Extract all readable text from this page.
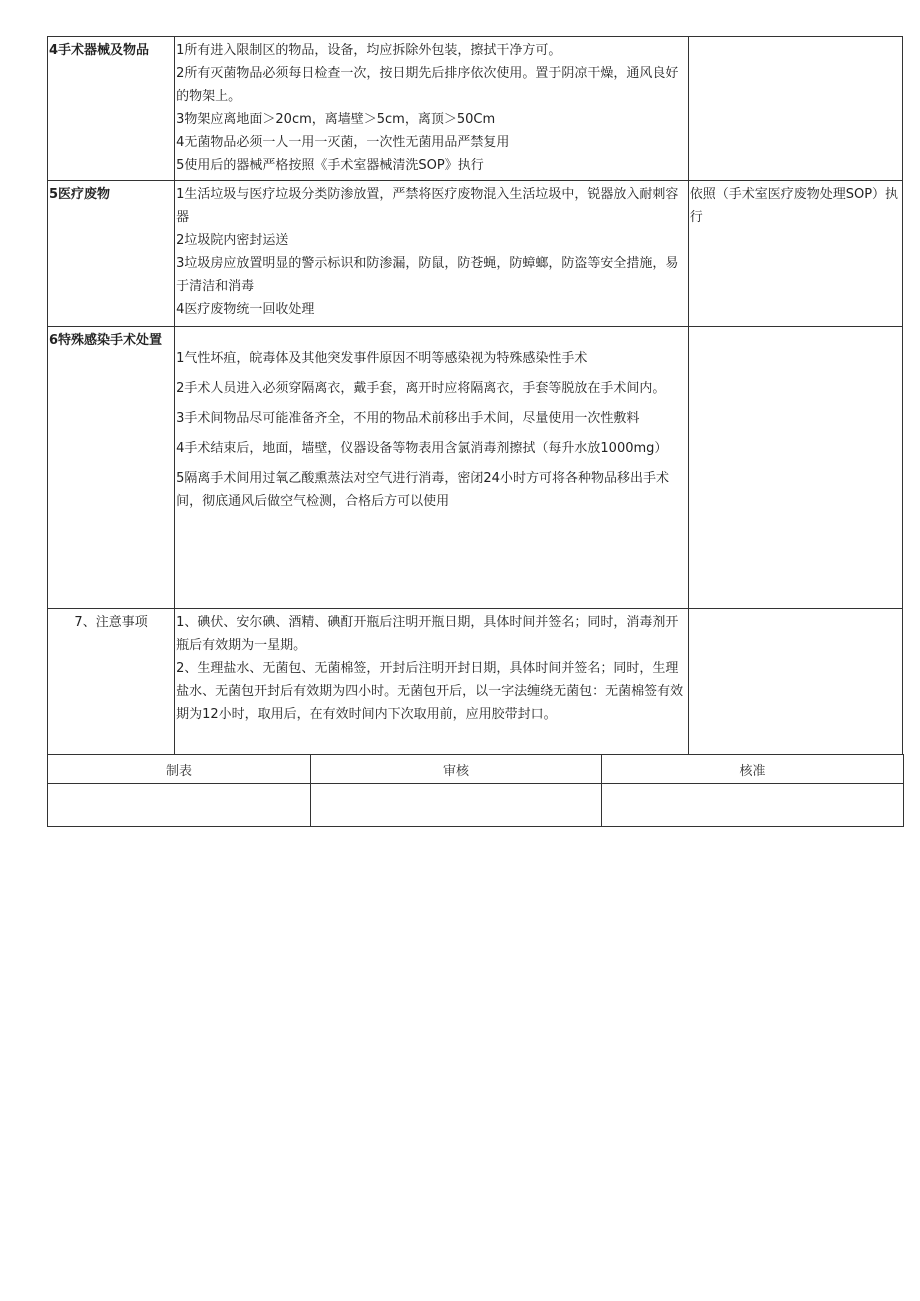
4手术器械及物品	1所有进入限制区的物品，设备，均应拆除外包装，擦拭干净方可。
2所有灭菌物品必须每日检查一次，按日期先后排序依次使用。置于阴凉干燥，通风良好的物架上。
3物架应离地面＞20cm，离墙壁＞5cm，离顶＞50Cm
4无菌物品必须一人一用一灭菌，一次性无菌用品严禁复用
5使用后的器械严格按照《手术室器械清洗SOP》执行	

5医疗废物	1生活垃圾与医疗垃圾分类防渗放置，严禁将医疗废物混入生活垃圾中，锐器放入耐刺容器
2垃圾院内密封运送
3垃圾房应放置明显的警示标识和防渗漏，防鼠，防苍蝇，防蟑螂，防盗等安全措施，易于清洁和消毒
4医疗废物统一回收处理	依照（手术室医疗废物处理SOP）执行
6特殊感染手术处置	1气性坏疽，皖毒体及其他突发事件原因不明等感染视为特殊感染性手术
2手术人员进入必须穿隔离衣，戴手套，离开时应将隔离衣，手套等脱放在手术间内。
3手术间物品尽可能准备齐全，不用的物品术前移出手术间，尽量使用一次性敷料
4手术结束后，地面，墙壁，仪器设备等物表用含氯消毒剂擦拭（每升水放1000mg）
5隔离手术间用过氧乙酸熏蒸法对空气进行消毒，密闭24小时方可将各种物品移出手术间，彻底通风后做空气检测，合格后方可以使用	

7、注意事项	1、碘伏、安尔碘、酒精、碘酊开瓶后注明开瓶日期，具体时间并签名；同时，消毒剂开瓶后有效期为一星期。
2、生理盐水、无菌包、无菌棉签，开封后注明开封日期，具体时间并签名；同时，生理盐水、无菌包开封后有效期为四小时。无菌包开后，以一字法缠绕无菌包：无菌棉签有效期为12小时，取用后，在有效时间内下次取用前，应用胶带封口。	

制表	审核	核准
